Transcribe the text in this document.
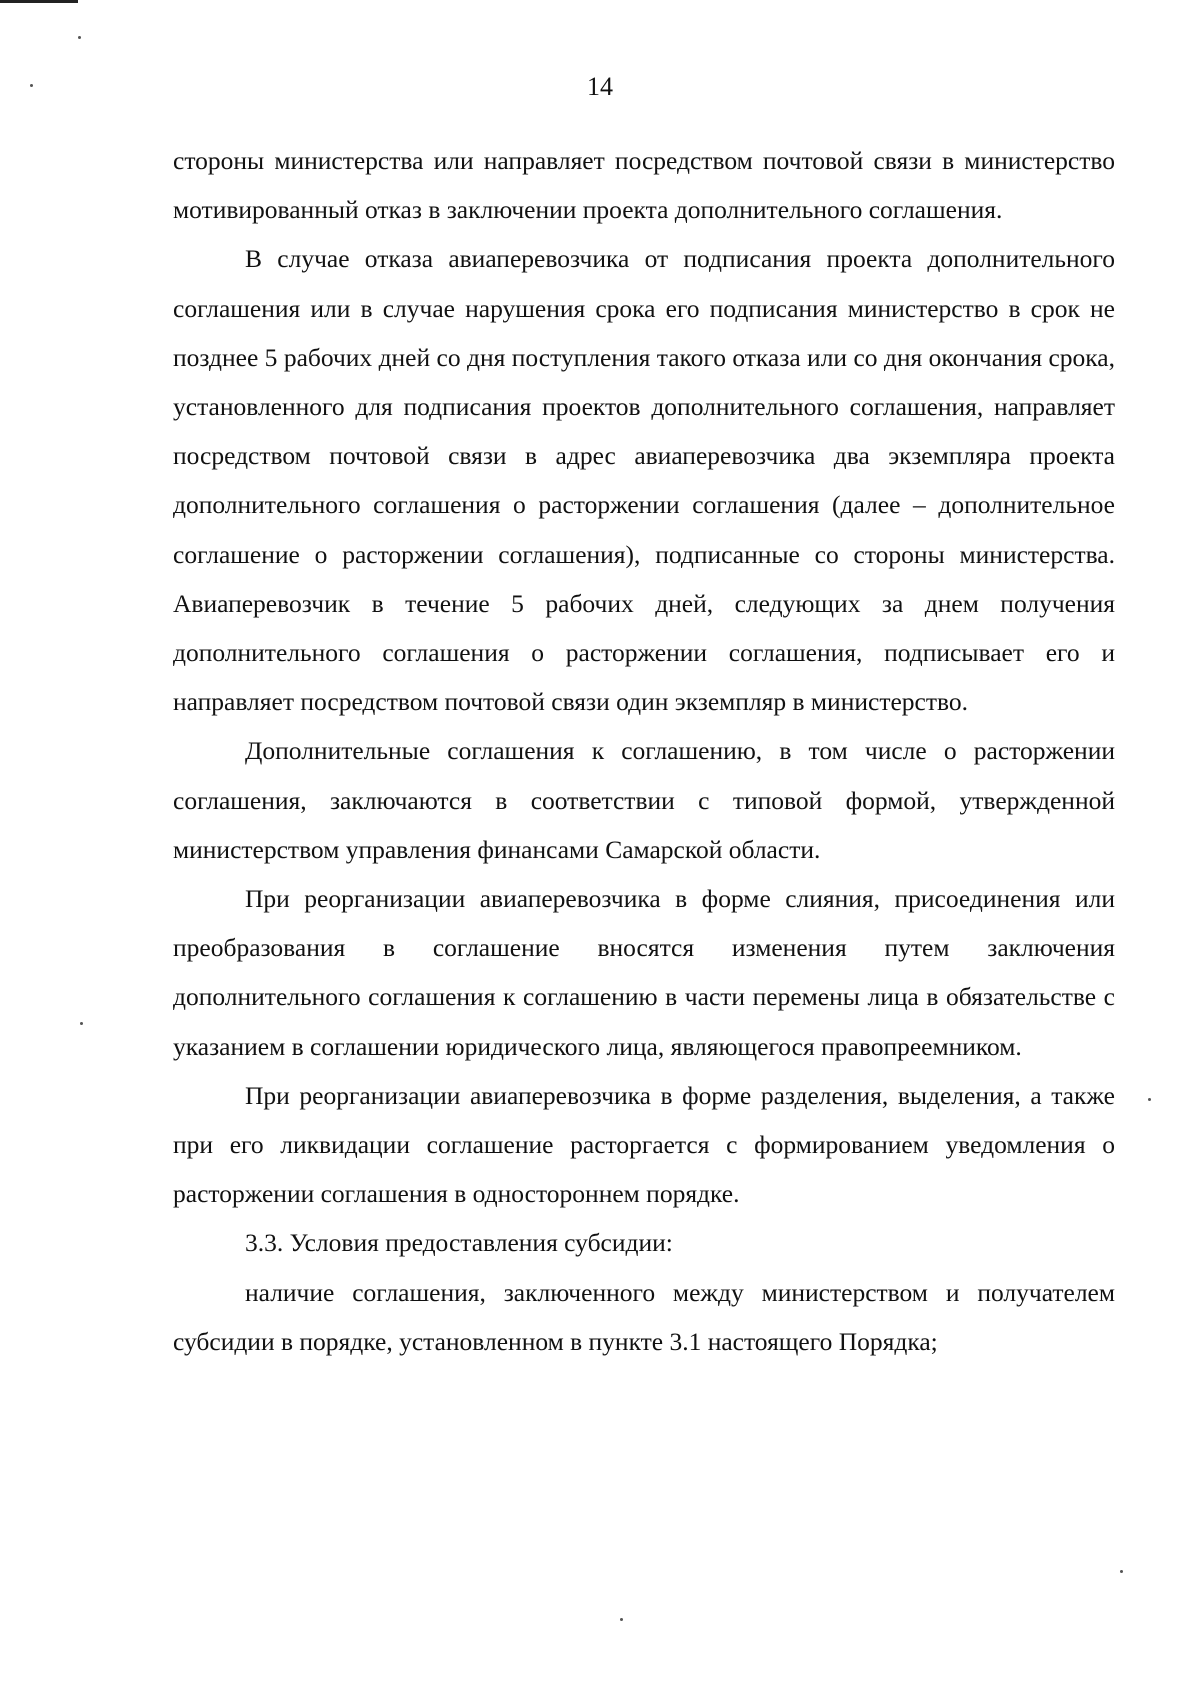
14

стороны министерства или направляет посредством почтовой связи в министерство мотивированный отказ в заключении проекта дополнительного соглашения.

В случае отказа авиаперевозчика от подписания проекта дополнительного соглашения или в случае нарушения срока его подписания министерство в срок не позднее 5 рабочих дней со дня поступления такого отказа или со дня окончания срока, установленного для подписания проектов дополнительного соглашения, направляет посредством почтовой связи в адрес авиаперевозчика два экземпляра проекта дополнительного соглашения о расторжении соглашения (далее – дополнительное соглашение о расторжении соглашения), подписанные со стороны министерства. Авиаперевозчик в течение 5 рабочих дней, следующих за днем получения дополнительного соглашения о расторжении соглашения, подписывает его и направляет посредством почтовой связи один экземпляр в министерство.

Дополнительные соглашения к соглашению, в том числе о расторжении соглашения, заключаются в соответствии с типовой формой, утвержденной министерством управления финансами Самарской области.

При реорганизации авиаперевозчика в форме слияния, присоединения или преобразования в соглашение вносятся изменения путем заключения дополнительного соглашения к соглашению в части перемены лица в обязательстве с указанием в соглашении юридического лица, являющегося правопреемником.

При реорганизации авиаперевозчика в форме разделения, выделения, а также при его ликвидации соглашение расторгается с формированием уведомления о расторжении соглашения в одностороннем порядке.

3.3. Условия предоставления субсидии:

наличие соглашения, заключенного между министерством и получателем субсидии в порядке, установленном в пункте 3.1 настоящего Порядка;
